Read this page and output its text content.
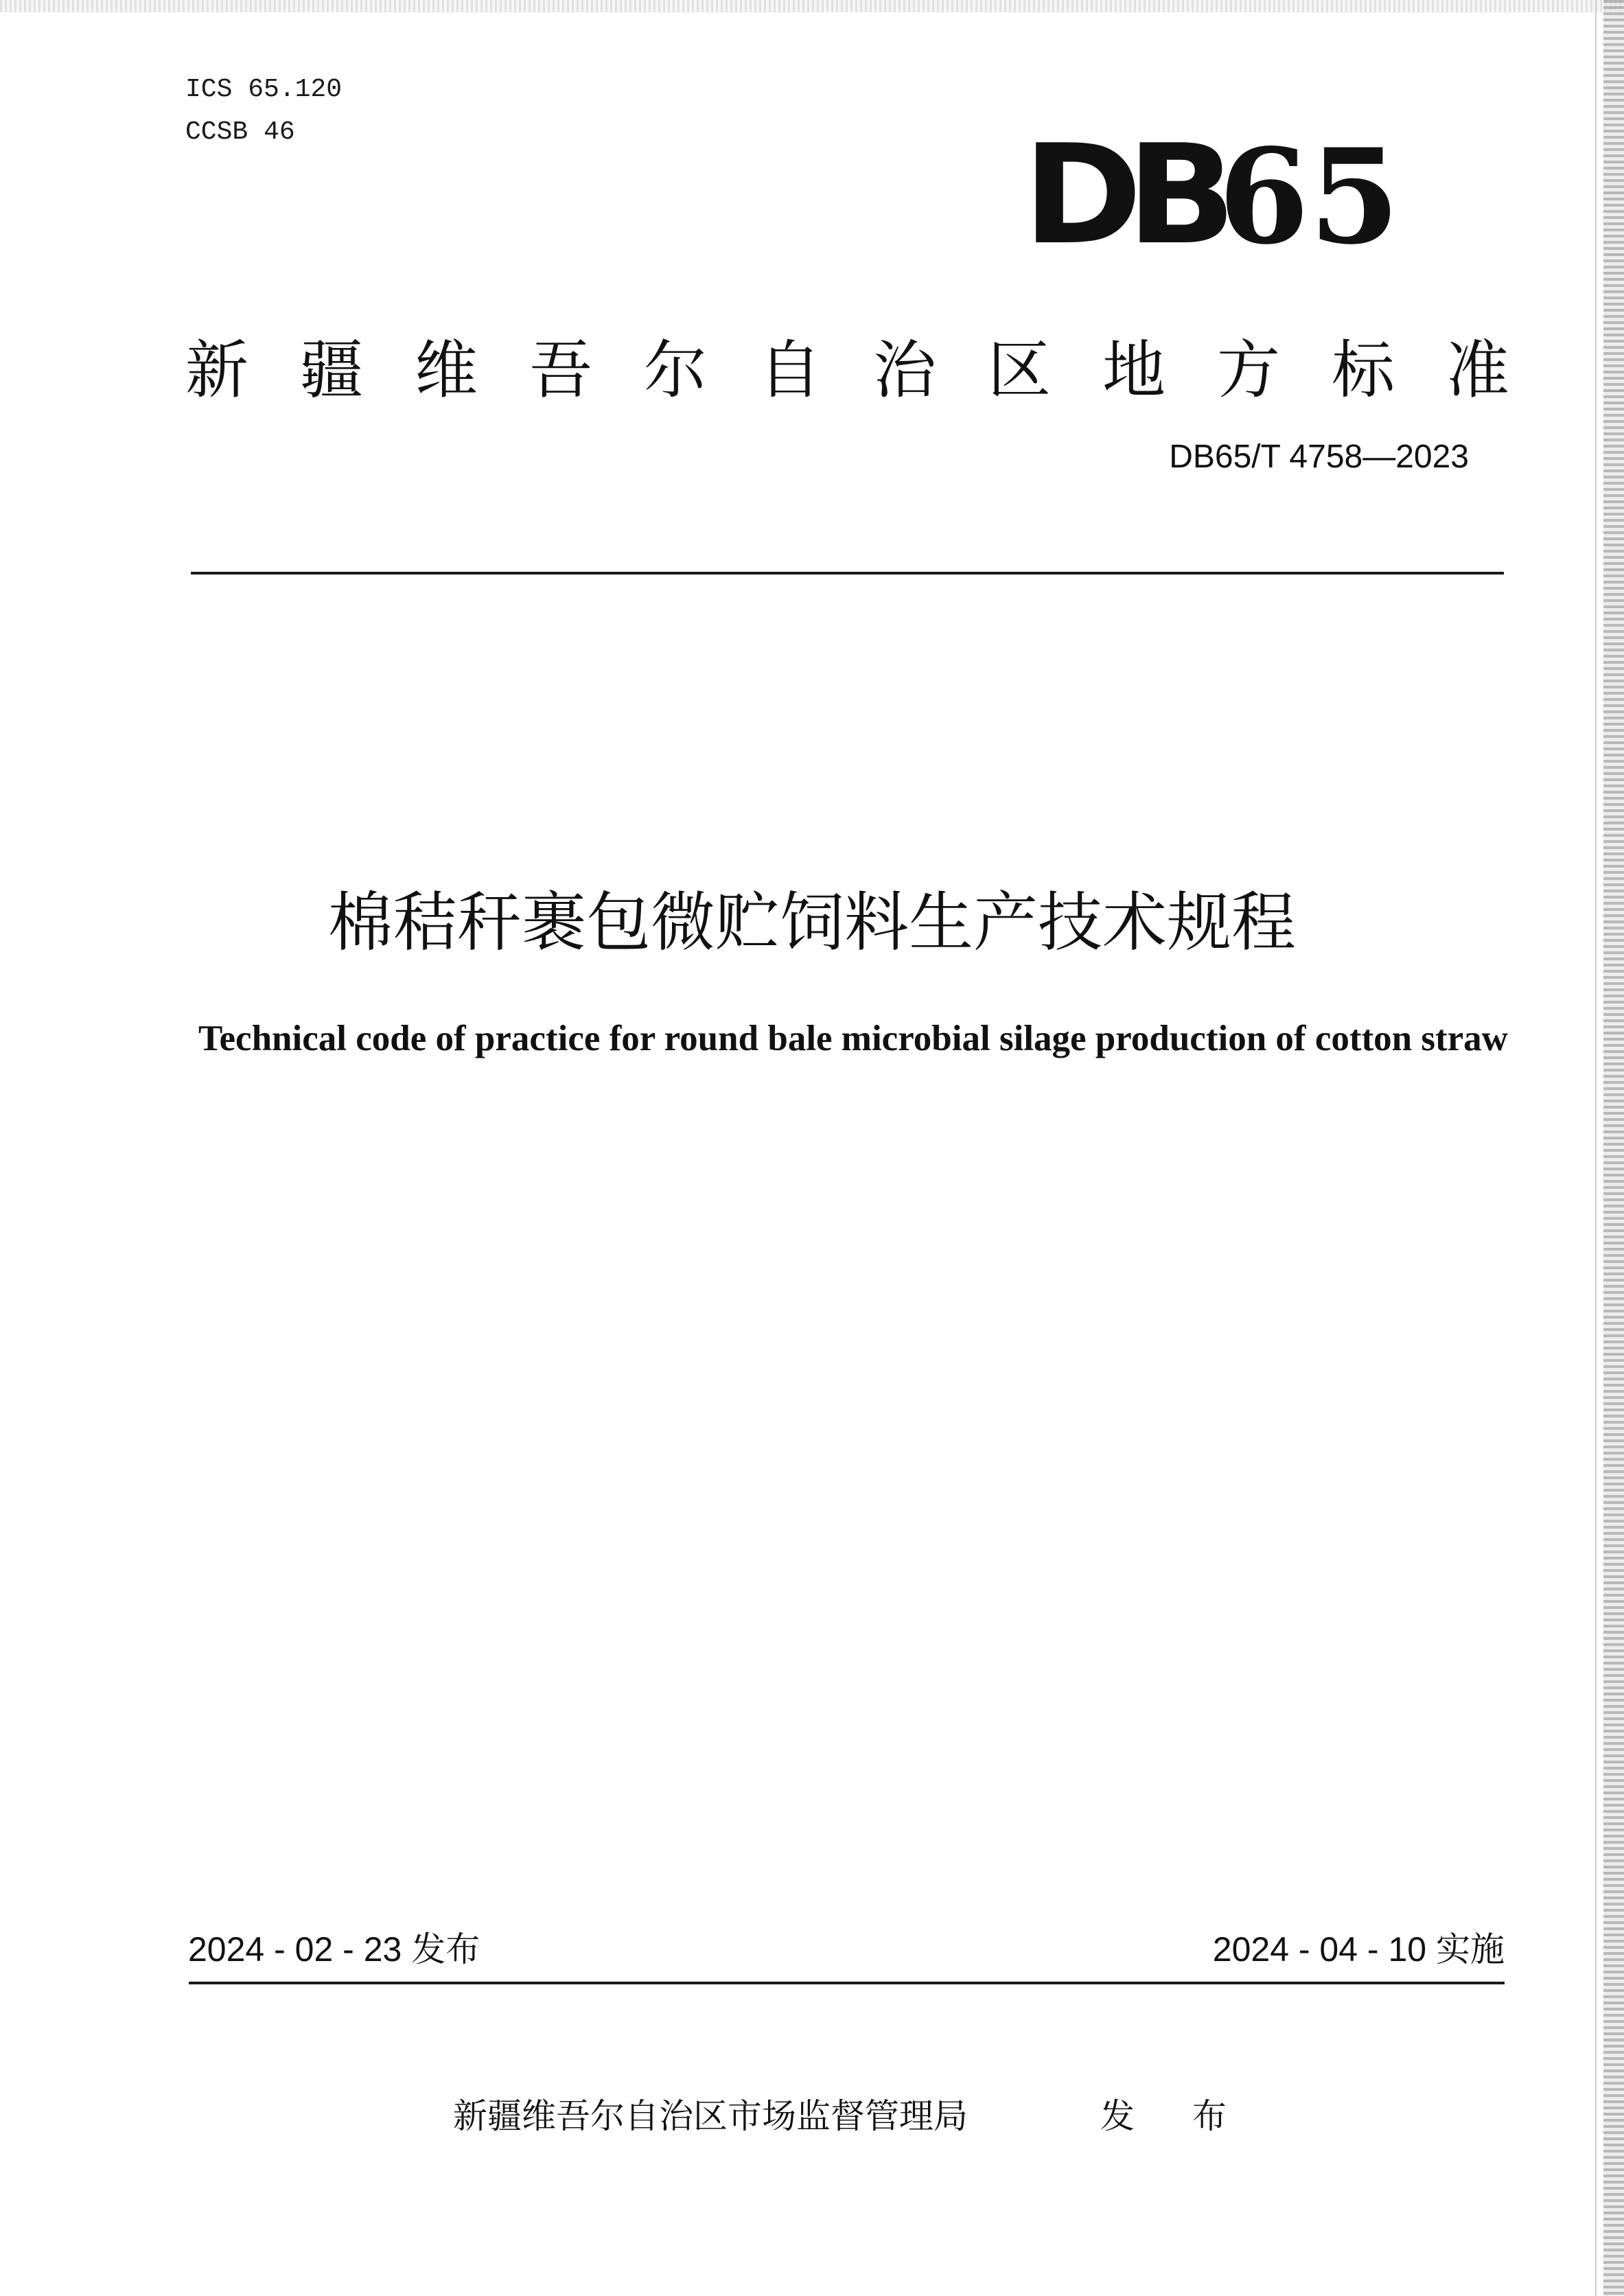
ICS 65.120
CCSB 46	DB
65
新疆维吾尔自治区地方标准
DB65/T 4758—2023
棉秸秆裹包微贮饲料生产技术规程
Technical code of practice for round bale microbial silage production of cotton straw
2024 - 02 - 23 发布	2024 - 04 - 10 实施
新疆维吾尔自治区市场监督管理局	发 布
